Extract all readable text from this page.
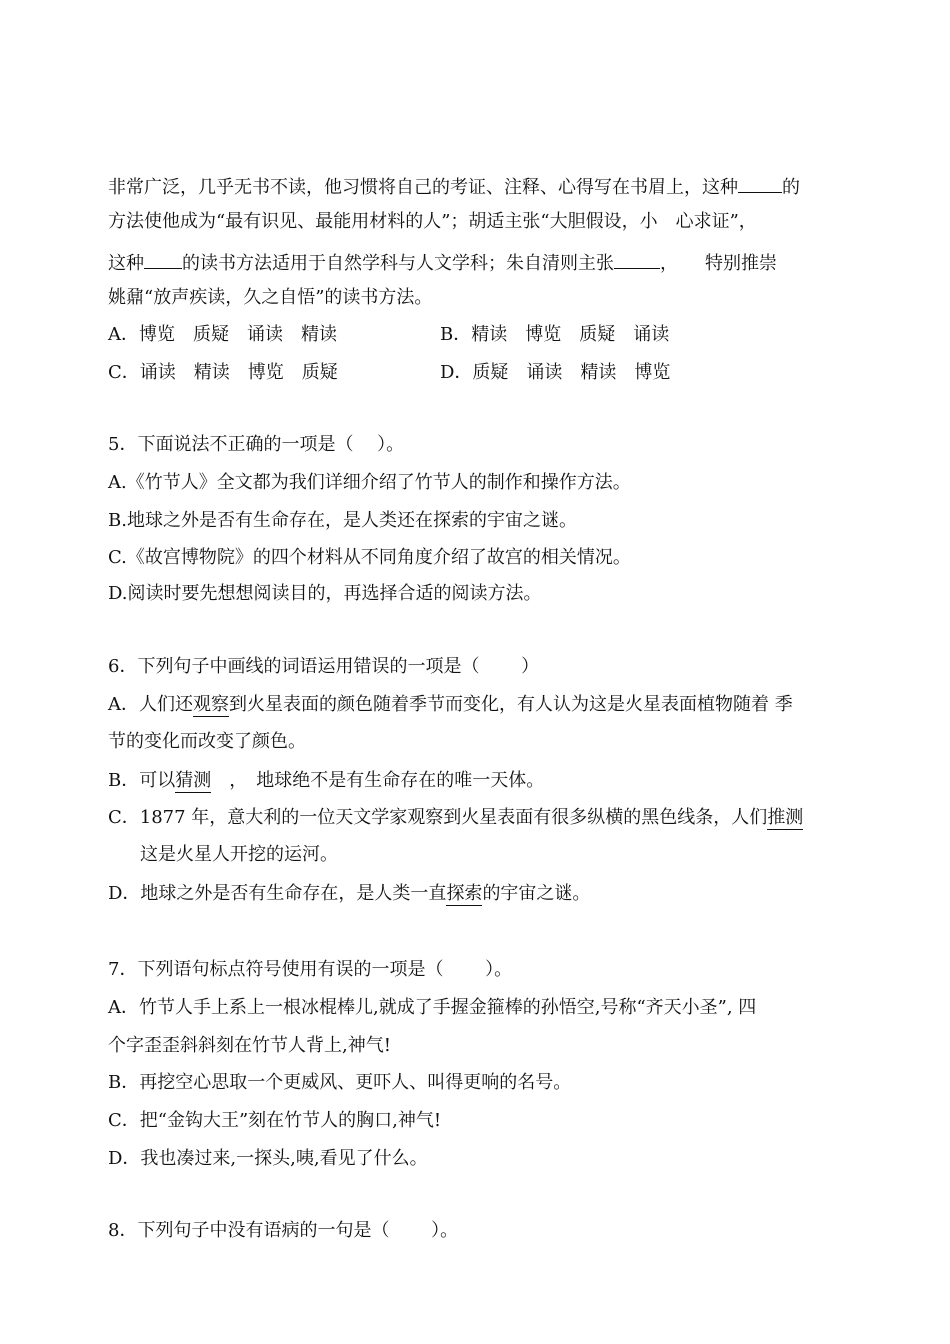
非常广泛，几乎无书不读，他习惯将自己的考证、注释、心得写在书眉上，这种 的
方法使他成为“最有识见、最能用材料的人”；胡适主张“大胆假设，小　心求证”，
这种 的读书方法适用于自然学科与人文学科；朱自清则主张	，　　特别推崇
姚鼐“放声疾读，久之自悟”的读书方法。
A．博览　质疑　诵读　精读	B．精读　博览　质疑　诵读
C．诵读　精读　博览　质疑	D．质疑　诵读　精读　博览
5．下面说法不正确的一项是（　 ）。
A.《竹节人》全文都为我们详细介绍了竹节人的制作和操作方法。
B.地球之外是否有生命存在，是人类还在探索的宇宙之谜。
C.《故宫博物院》的四个材料从不同角度介绍了故宫的相关情况。
D.阅读时要先想想阅读目的，再选择合适的阅读方法。
6．下列句子中画线的词语运用错误的一项是（　　 ）
A．人们还观察到火星表面的颜色随着季节而变化，有人认为这是火星表面植物随着 季
节的变化而改变了颜色。
B．可以猜测　，　地球绝不是有生命存在的唯一天体。
C．1877 年，意大利的一位天文学家观察到火星表面有很多纵横的黑色线条，人们推测
这是火星人开挖的运河。
D．地球之外是否有生命存在，是人类一直探索的宇宙之谜。
7．下列语句标点符号使用有误的一项是（　　 ）。
A．竹节人手上系上一根冰棍棒儿,就成了手握金箍棒的孙悟空,号称“齐天小圣”, 四
个字歪歪斜斜刻在竹节人背上,神气!
B．再挖空心思取一个更威风、更吓人、叫得更响的名号。
C．把“金钩大王”刻在竹节人的胸口,神气!
D．我也凑过来,一探头,咦,看见了什么。
8．下列句子中没有语病的一句是（　　 ）。
